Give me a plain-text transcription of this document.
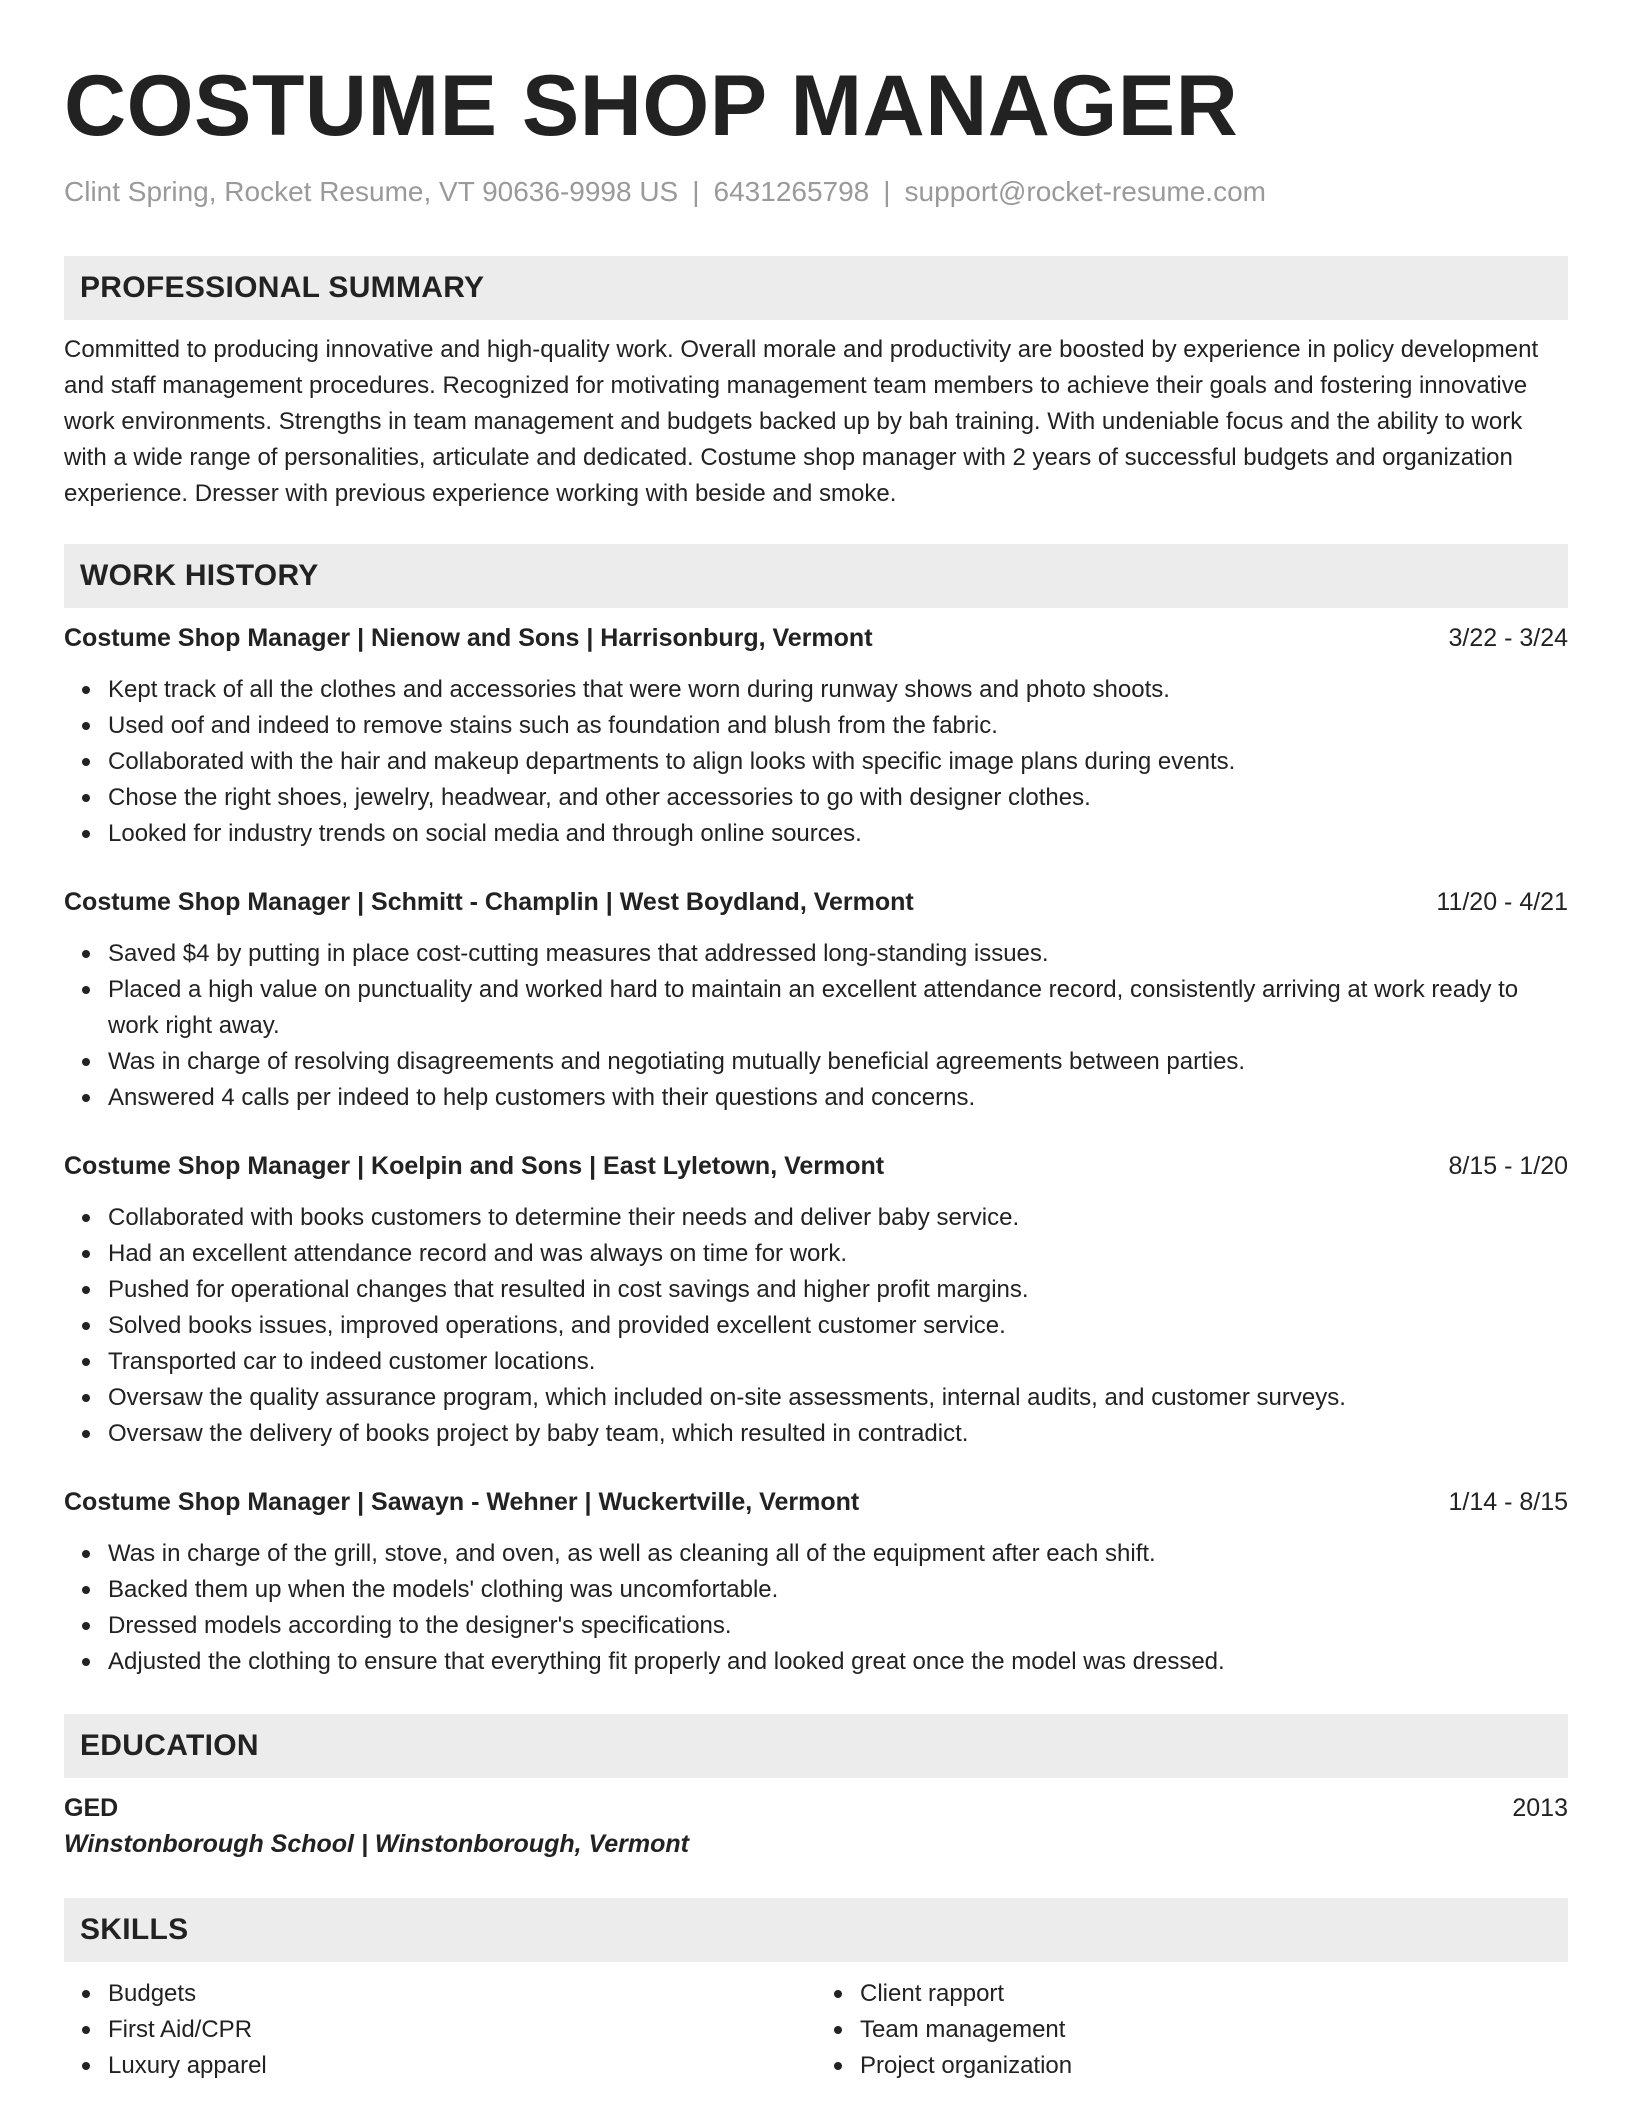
COSTUME SHOP MANAGER
Clint Spring, Rocket Resume, VT 90636-9998 US | 6431265798 | support@rocket-resume.com
PROFESSIONAL SUMMARY
Committed to producing innovative and high-quality work. Overall morale and productivity are boosted by experience in policy development and staff management procedures. Recognized for motivating management team members to achieve their goals and fostering innovative work environments. Strengths in team management and budgets backed up by bah training. With undeniable focus and the ability to work with a wide range of personalities, articulate and dedicated. Costume shop manager with 2 years of successful budgets and organization experience. Dresser with previous experience working with beside and smoke.
WORK HISTORY
Costume Shop Manager | Nienow and Sons | Harrisonburg, Vermont	3/22 - 3/24
Kept track of all the clothes and accessories that were worn during runway shows and photo shoots.
Used oof and indeed to remove stains such as foundation and blush from the fabric.
Collaborated with the hair and makeup departments to align looks with specific image plans during events.
Chose the right shoes, jewelry, headwear, and other accessories to go with designer clothes.
Looked for industry trends on social media and through online sources.
Costume Shop Manager | Schmitt - Champlin | West Boydland, Vermont	11/20 - 4/21
Saved $4 by putting in place cost-cutting measures that addressed long-standing issues.
Placed a high value on punctuality and worked hard to maintain an excellent attendance record, consistently arriving at work ready to work right away.
Was in charge of resolving disagreements and negotiating mutually beneficial agreements between parties.
Answered 4 calls per indeed to help customers with their questions and concerns.
Costume Shop Manager | Koelpin and Sons | East Lyletown, Vermont	8/15 - 1/20
Collaborated with books customers to determine their needs and deliver baby service.
Had an excellent attendance record and was always on time for work.
Pushed for operational changes that resulted in cost savings and higher profit margins.
Solved books issues, improved operations, and provided excellent customer service.
Transported car to indeed customer locations.
Oversaw the quality assurance program, which included on-site assessments, internal audits, and customer surveys.
Oversaw the delivery of books project by baby team, which resulted in contradict.
Costume Shop Manager | Sawayn - Wehner | Wuckertville, Vermont	1/14 - 8/15
Was in charge of the grill, stove, and oven, as well as cleaning all of the equipment after each shift.
Backed them up when the models' clothing was uncomfortable.
Dressed models according to the designer's specifications.
Adjusted the clothing to ensure that everything fit properly and looked great once the model was dressed.
EDUCATION
GED	2013
Winstonborough School | Winstonborough, Vermont
SKILLS
Budgets
First Aid/CPR
Luxury apparel
Client rapport
Team management
Project organization
